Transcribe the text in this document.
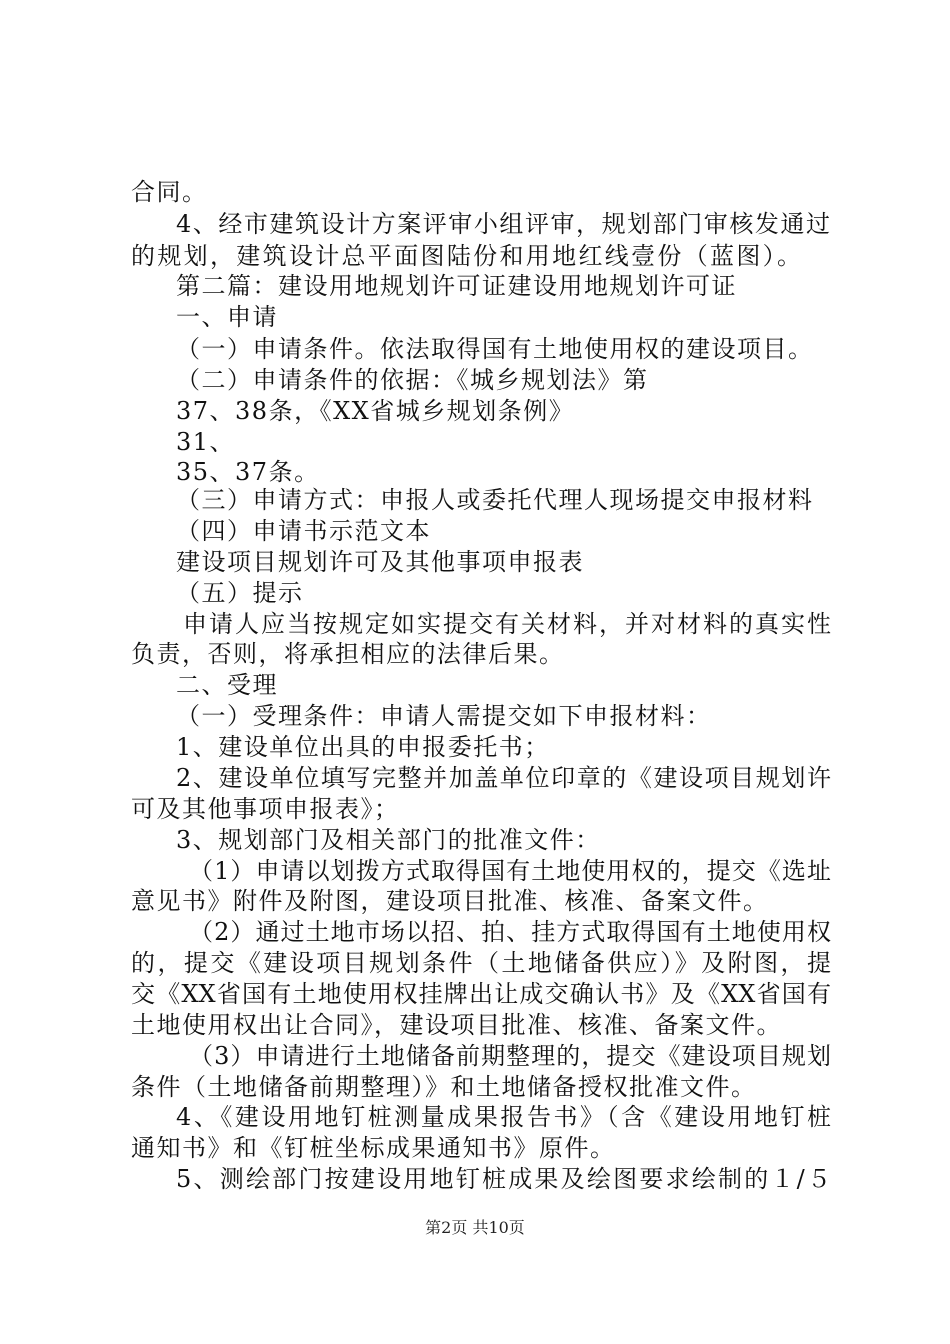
合同。
4、经市建筑设计方案评审小组评审，规划部门审核发通过
的规划，建筑设计总平面图陆份和用地红线壹份（蓝图）。
第二篇：建设用地规划许可证建设用地规划许可证
一、申请
（一）申请条件。依法取得国有土地使用权的建设项目。
（二）申请条件的依据：《城乡规划法》第
37、38条，《XX省城乡规划条例》
31、
35、37条。
（三）申请方式：申报人或委托代理人现场提交申报材料
（四）申请书示范文本
建设项目规划许可及其他事项申报表
（五）提示
申请人应当按规定如实提交有关材料，并对材料的真实性
负责，否则，将承担相应的法律后果。
二、受理
（一）受理条件：申请人需提交如下申报材料：
1、建设单位出具的申报委托书；
2、建设单位填写完整并加盖单位印章的《建设项目规划许
可及其他事项申报表》；
3、规划部门及相关部门的批准文件：
（1）申请以划拨方式取得国有土地使用权的，提交《选址
意见书》附件及附图，建设项目批准、核准、备案文件。
（2）通过土地市场以招、拍、挂方式取得国有土地使用权
的，提交《建设项目规划条件（土地储备供应）》及附图，提
交《XX省国有土地使用权挂牌出让成交确认书》及《XX省国有
土地使用权出让合同》，建设项目批准、核准、备案文件。
（3）申请进行土地储备前期整理的，提交《建设项目规划
条件（土地储备前期整理）》和土地储备授权批准文件。
4、《建设用地钉桩测量成果报告书》（含《建设用地钉桩
通知书》和《钉桩坐标成果通知书》原件。
5、测绘部门按建设用地钉桩成果及绘图要求绘制的１/５
第2页 共10页
